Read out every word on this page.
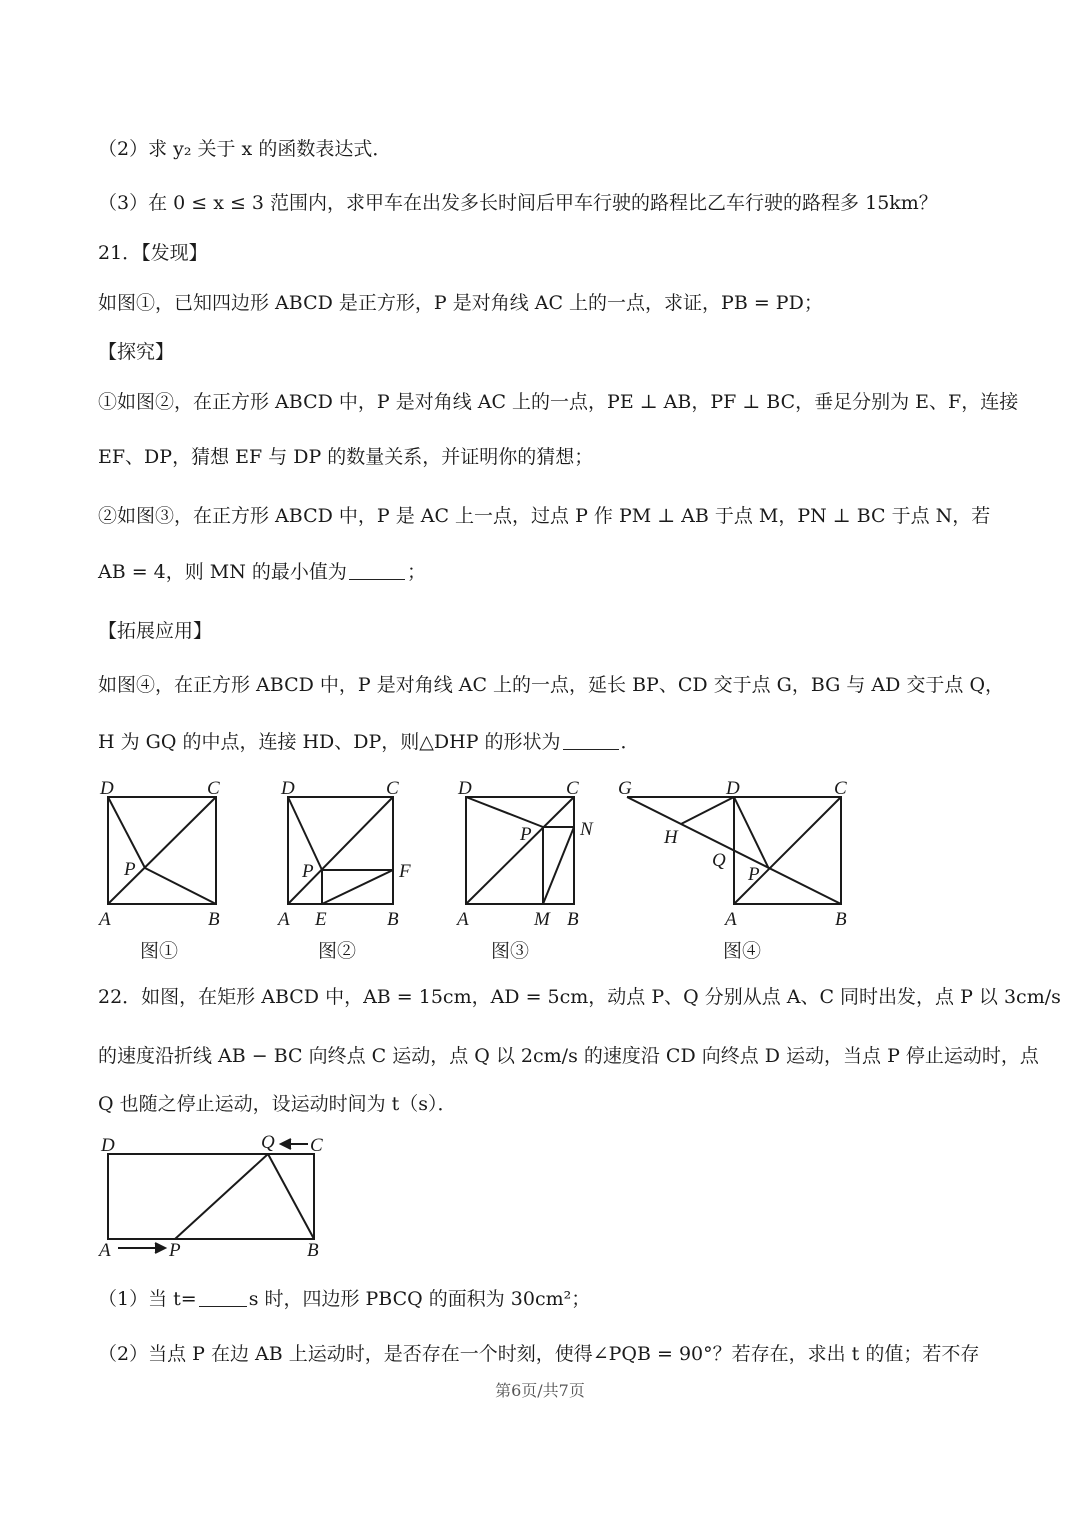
（2）求 y₂ 关于 x 的函数表达式．
（3）在 0 ≤ x ≤ 3 范围内，求甲车在出发多长时间后甲车行驶的路程比乙车行驶的路程多 15km？
21．【发现】
如图①，已知四边形 ABCD 是正方形，P 是对角线 AC 上的一点，求证，PB = PD；
【探究】
①如图②，在正方形 ABCD 中，P 是对角线 AC 上的一点，PE ⊥ AB，PF ⊥ BC，垂足分别为 E、F，连接
EF、DP，猜想 EF 与 DP 的数量关系，并证明你的猜想；
②如图③，在正方形 ABCD 中，P 是 AC 上一点，过点 P 作 PM ⊥ AB 于点 M，PN ⊥ BC 于点 N，若
AB = 4，则 MN 的最小值为	；
【拓展应用】
如图④，在正方形 ABCD 中，P 是对角线 AC 上的一点，延长 BP、CD 交于点 G，BG 与 AD 交于点 Q，
H 为 GQ 的中点，连接 HD、DP，则△DHP 的形状为	．
D	C
P
A	B
图①
D	C
P	F
A E	B
图②
D	C
P	N
A	M B
图③
G	D	C
H
Q
P
A	B
图④
22．如图，在矩形 ABCD 中，AB = 15cm，AD = 5cm，动点 P、Q 分别从点 A、C 同时出发，点 P 以 3cm/s
的速度沿折线 AB − BC 向终点 C 运动，点 Q 以 2cm/s 的速度沿 CD 向终点 D 运动，当点 P 停止运动时，点
Q 也随之停止运动，设运动时间为 t（s）．
D	Q C
A	P	B
（1）当 t=	s 时，四边形 PBCQ 的面积为 30cm²；
（2）当点 P 在边 AB 上运动时，是否存在一个时刻，使得∠PQB = 90°？若存在，求出 t 的值；若不存
第6页/共7页
